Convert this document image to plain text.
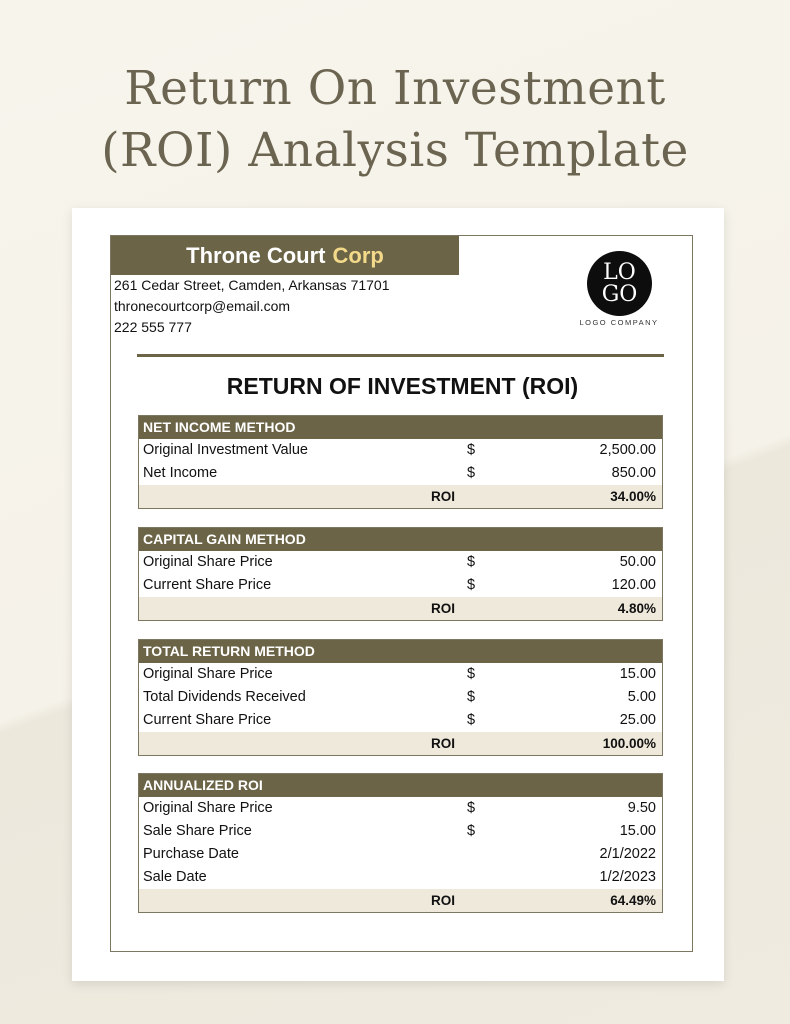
Return On Investment
(ROI) Analysis Template
Throne Court Corp
261 Cedar Street, Camden, Arkansas 71701
thronecourtcorp@email.com
222 555 777
LO
GO
LOGO COMPANY
RETURN OF INVESTMENT (ROI)
NET INCOME METHOD
Original Investment Value	$	2,500.00
Net Income	$	850.00
ROI	34.00%
CAPITAL GAIN METHOD
Original Share Price	$	50.00
Current Share Price	$	120.00
ROI	4.80%
TOTAL RETURN METHOD
Original Share Price	$	15.00
Total Dividends Received	$	5.00
Current Share Price	$	25.00
ROI	100.00%
ANNUALIZED ROI
Original Share Price	$	9.50
Sale Share Price	$	15.00
Purchase Date	2/1/2022
Sale Date	1/2/2023
ROI	64.49%
